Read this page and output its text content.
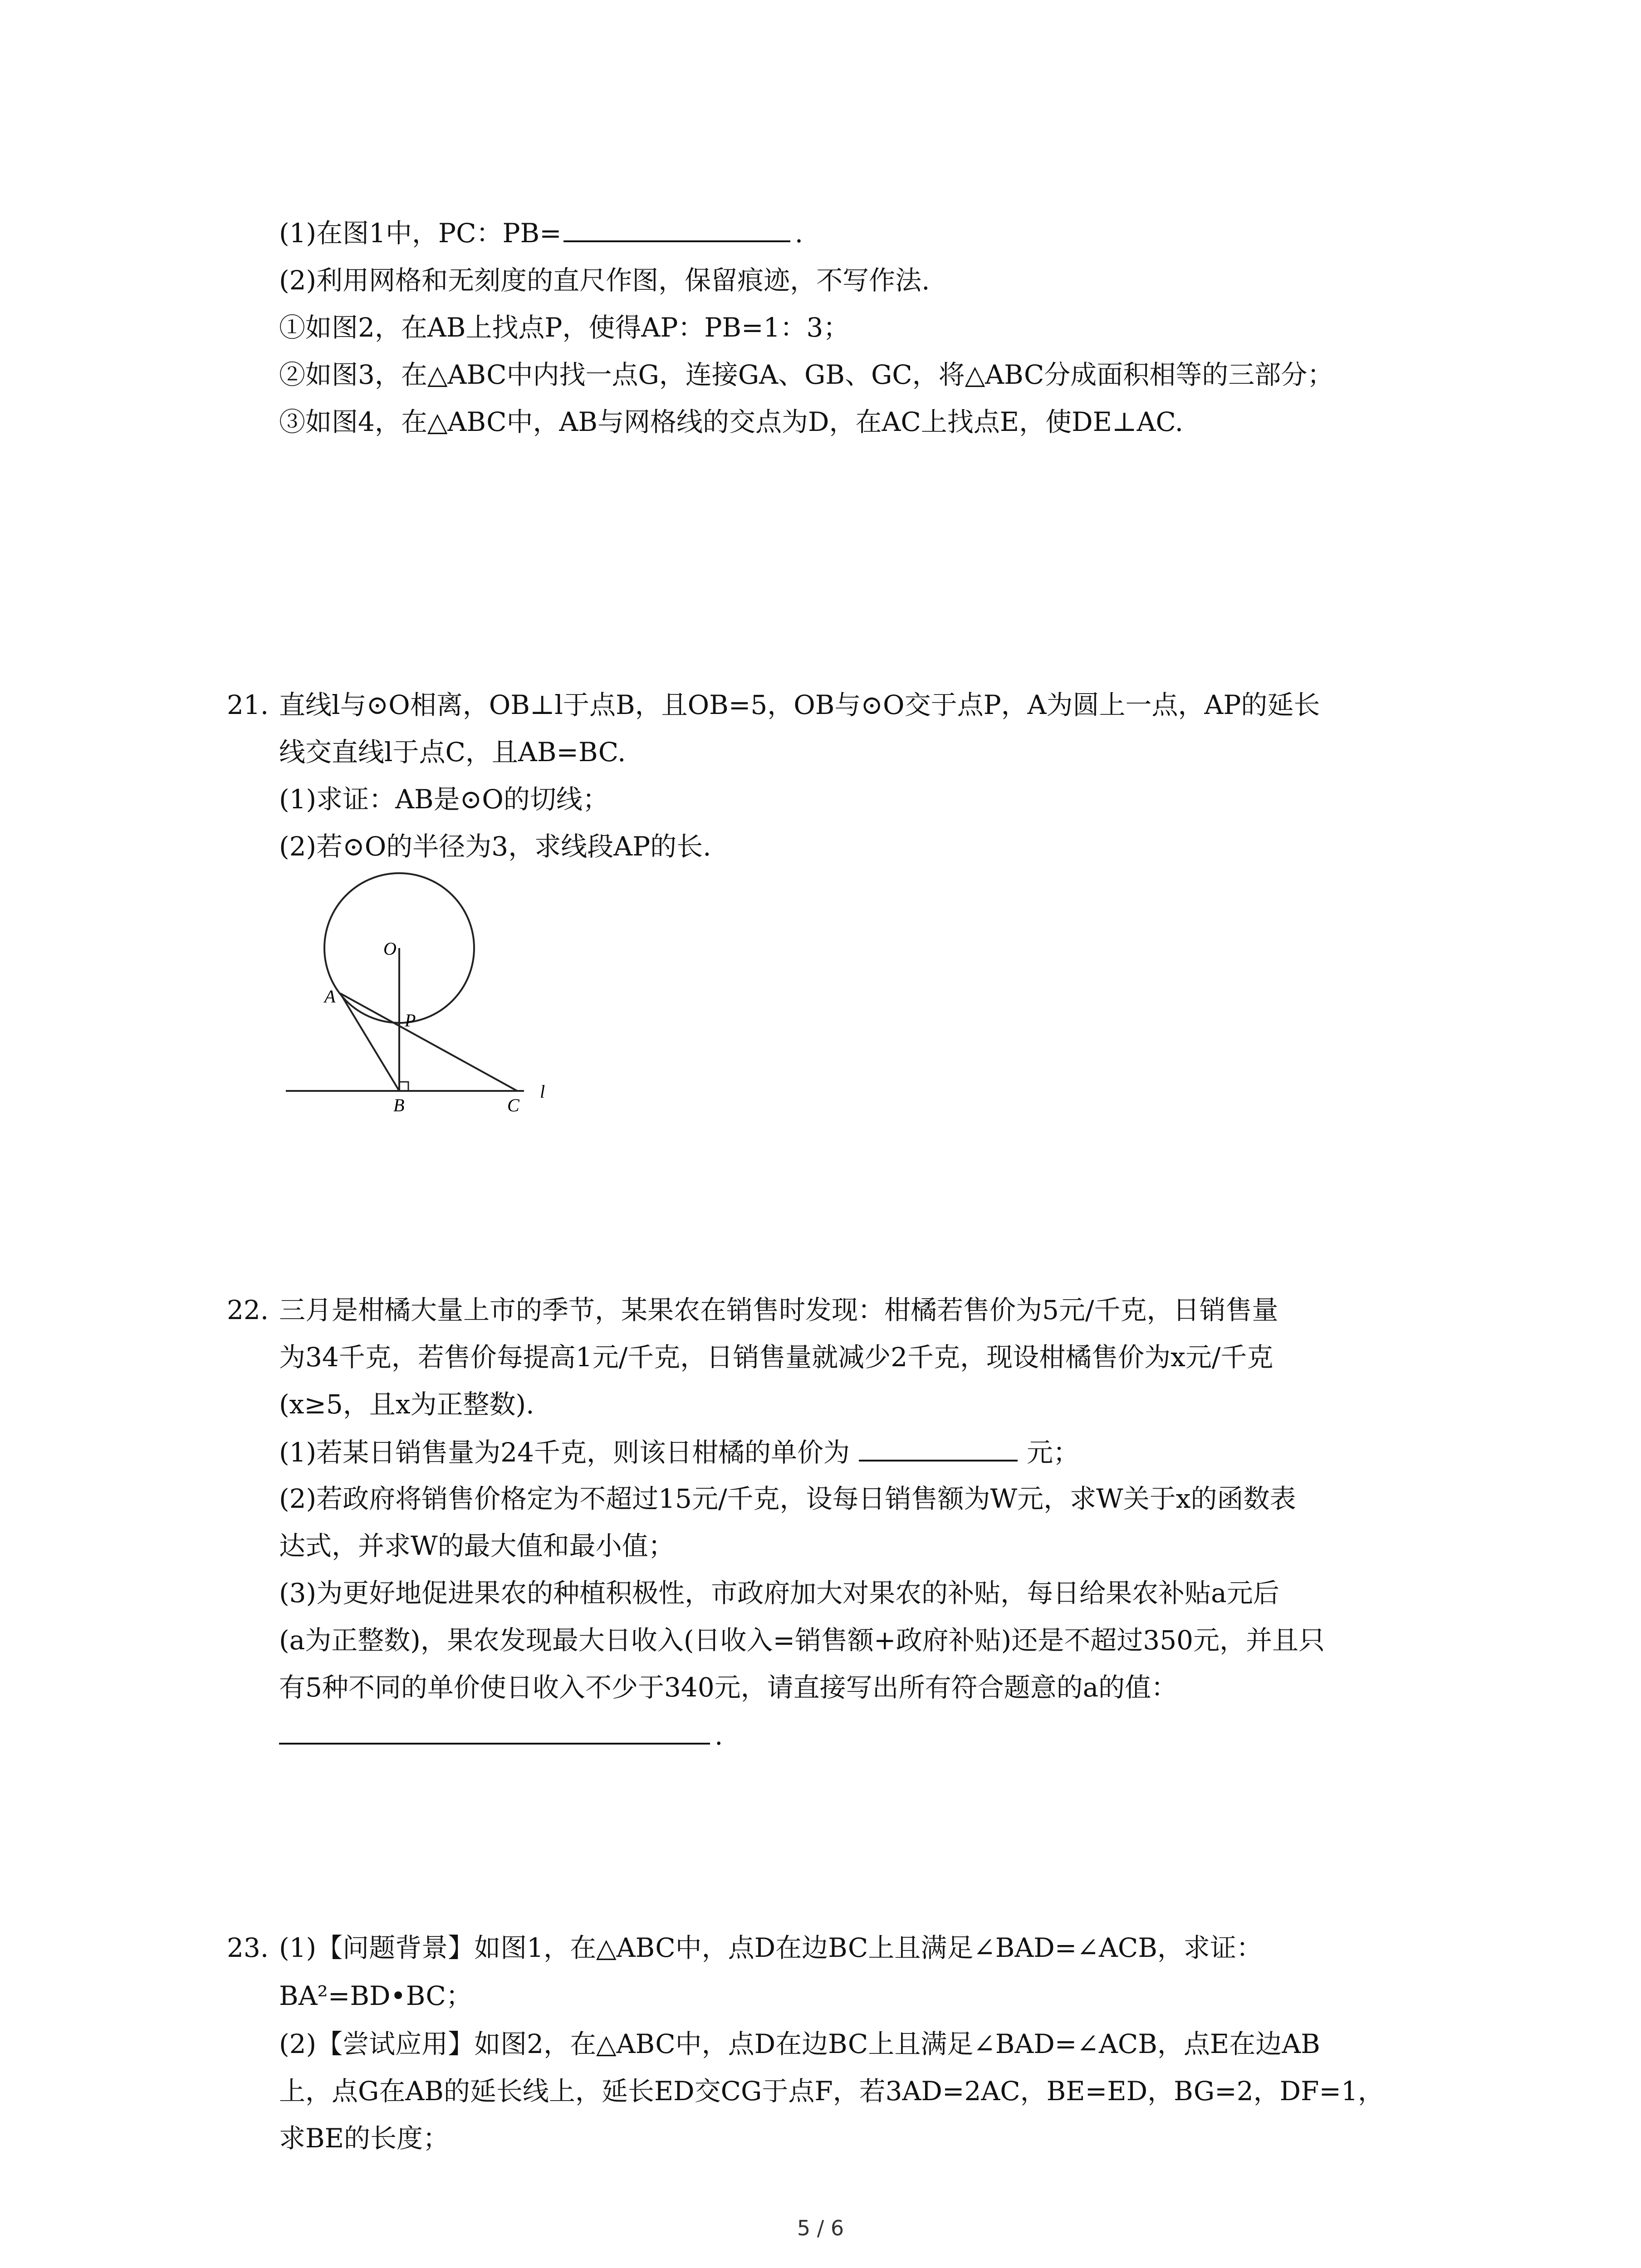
(1)在图1中，PC：PB=	.
(2)利用网格和无刻度的直尺作图，保留痕迹，不写作法.
①如图2，在AB上找点P，使得AP：PB=1：3；
②如图3，在△ABC中内找一点G，连接GA、GB、GC，将△ABC分成面积相等的三部分；
③如图4，在△ABC中，AB与网格线的交点为D，在AC上找点E，使DE⊥AC.
21. 直线l与⊙O相离，OB⊥l于点B，且OB=5，OB与⊙O交于点P，A为圆上一点，AP的延长
线交直线l于点C，且AB=BC.
(1)求证：AB是⊙O的切线；
(2)若⊙O的半径为3，求线段AP的长.
O
A
P
B	C
l
22. 三月是柑橘大量上市的季节，某果农在销售时发现：柑橘若售价为5元/千克，日销售量
为34千克，若售价每提高1元/千克，日销售量就减少2千克，现设柑橘售价为x元/千克
(x≥5，且x为正整数).
(1)若某日销售量为24千克，则该日柑橘的单价为	元；
(2)若政府将销售价格定为不超过15元/千克，设每日销售额为W元，求W关于x的函数表
达式，并求W的最大值和最小值；
(3)为更好地促进果农的种植积极性，市政府加大对果农的补贴，每日给果农补贴a元后
(a为正整数)，果农发现最大日收入(日收入=销售额+政府补贴)还是不超过350元，并且只
有5种不同的单价使日收入不少于340元，请直接写出所有符合题意的a的值：
.
23. (1)【问题背景】如图1，在△ABC中，点D在边BC上且满足∠BAD=∠ACB，求证：
BA²=BD•BC；
(2)【尝试应用】如图2，在△ABC中，点D在边BC上且满足∠BAD=∠ACB，点E在边AB
上，点G在AB的延长线上，延长ED交CG于点F，若3AD=2AC，BE=ED，BG=2，DF=1，
求BE的长度；
5 / 6
